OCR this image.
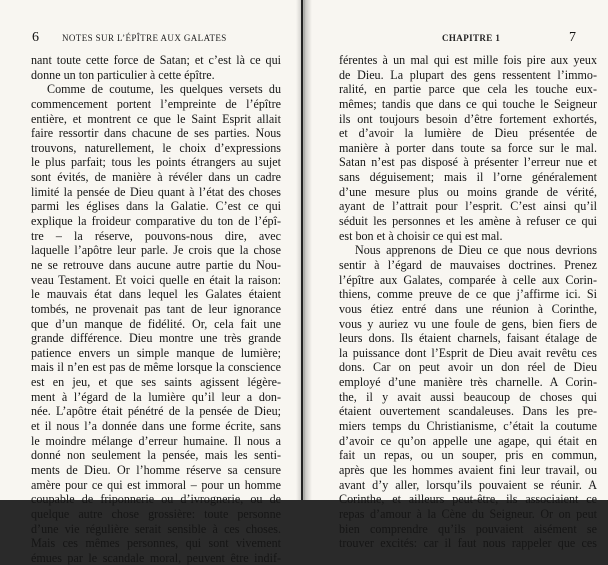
6	NOTES SUR L’ÉPÎTRE AUX GALATES
nant toute cette force de Satan; et c’est là ce qui
donne un ton particulier à cette épître.
Comme de coutume, les quelques versets du
commencement portent l’empreinte de l’épître
entière, et montrent ce que le Saint Esprit allait
faire ressortir dans chacune de ses parties. Nous
trouvons, naturellement, le choix d’expressions
le plus parfait; tous les points étrangers au sujet
sont évités, de manière à révéler dans un cadre
limité la pensée de Dieu quant à l’état des choses
parmi les églises dans la Galatie. C’est ce qui
explique la froideur comparative du ton de l’épî-
tre – la réserve, pouvons-nous dire, avec
laquelle l’apôtre leur parle. Je crois que la chose
ne se retrouve dans aucune autre partie du Nou-
veau Testament. Et voici quelle en était la raison:
le mauvais état dans lequel les Galates étaient
tombés, ne provenait pas tant de leur ignorance
que d’un manque de fidélité. Or, cela fait une
grande différence. Dieu montre une très grande
patience envers un simple manque de lumière;
mais il n’en est pas de même lorsque la conscience
est en jeu, et que ses saints agissent légère-
ment à l’égard de la lumière qu’il leur a don-
née. L’apôtre était pénétré de la pensée de Dieu;
et il nous l’a donnée dans une forme écrite, sans
le moindre mélange d’erreur humaine. Il nous a
donné non seulement la pensée, mais les senti-
ments de Dieu. Or l’homme réserve sa censure
amère pour ce qui est immoral – pour un homme
coupable de friponnerie ou d’ivrognerie, ou de
quelque autre chose grossière: toute personne
d’une vie régulière serait sensible à ces choses.
Mais ces mêmes personnes, qui sont vivement
émues par le scandale moral, peuvent être indif-
CHAPITRE 1	7
férentes à un mal qui est mille fois pire aux yeux
de Dieu. La plupart des gens ressentent l’immo-
ralité, en partie parce que cela les touche eux-
mêmes; tandis que dans ce qui touche le Seigneur
ils ont toujours besoin d’être fortement exhortés,
et d’avoir la lumière de Dieu présentée de
manière à porter dans toute sa force sur le mal.
Satan n’est pas disposé à présenter l’erreur nue et
sans déguisement; mais il l’orne généralement
d’une mesure plus ou moins grande de vérité,
ayant de l’attrait pour l’esprit. C’est ainsi qu’il
séduit les personnes et les amène à refuser ce qui
est bon et à choisir ce qui est mal.
Nous apprenons de Dieu ce que nous devrions
sentir à l’égard de mauvaises doctrines. Prenez
l’épître aux Galates, comparée à celle aux Corin-
thiens, comme preuve de ce que j’affirme ici. Si
vous étiez entré dans une réunion à Corinthe,
vous y auriez vu une foule de gens, bien fiers de
leurs dons. Ils étaient charnels, faisant étalage de
la puissance dont l’Esprit de Dieu avait revêtu ces
dons. Car on peut avoir un don réel de Dieu
employé d’une manière très charnelle. A Corin-
the, il y avait aussi beaucoup de choses qui
étaient ouvertement scandaleuses. Dans les pre-
miers temps du Christianisme, c’était la coutume
d’avoir ce qu’on appelle une agape, qui était en
fait un repas, ou un souper, pris en commun,
après que les hommes avaient fini leur travail, ou
avant d’y aller, lorsqu’ils pouvaient se réunir. A
Corinthe, et ailleurs peut-être, ils associaient ce
repas d’amour à la Cène du Seigneur. Or on peut
bien comprendre qu’ils pouvaient aisément se
trouver excités: car il faut nous rappeler que ces
